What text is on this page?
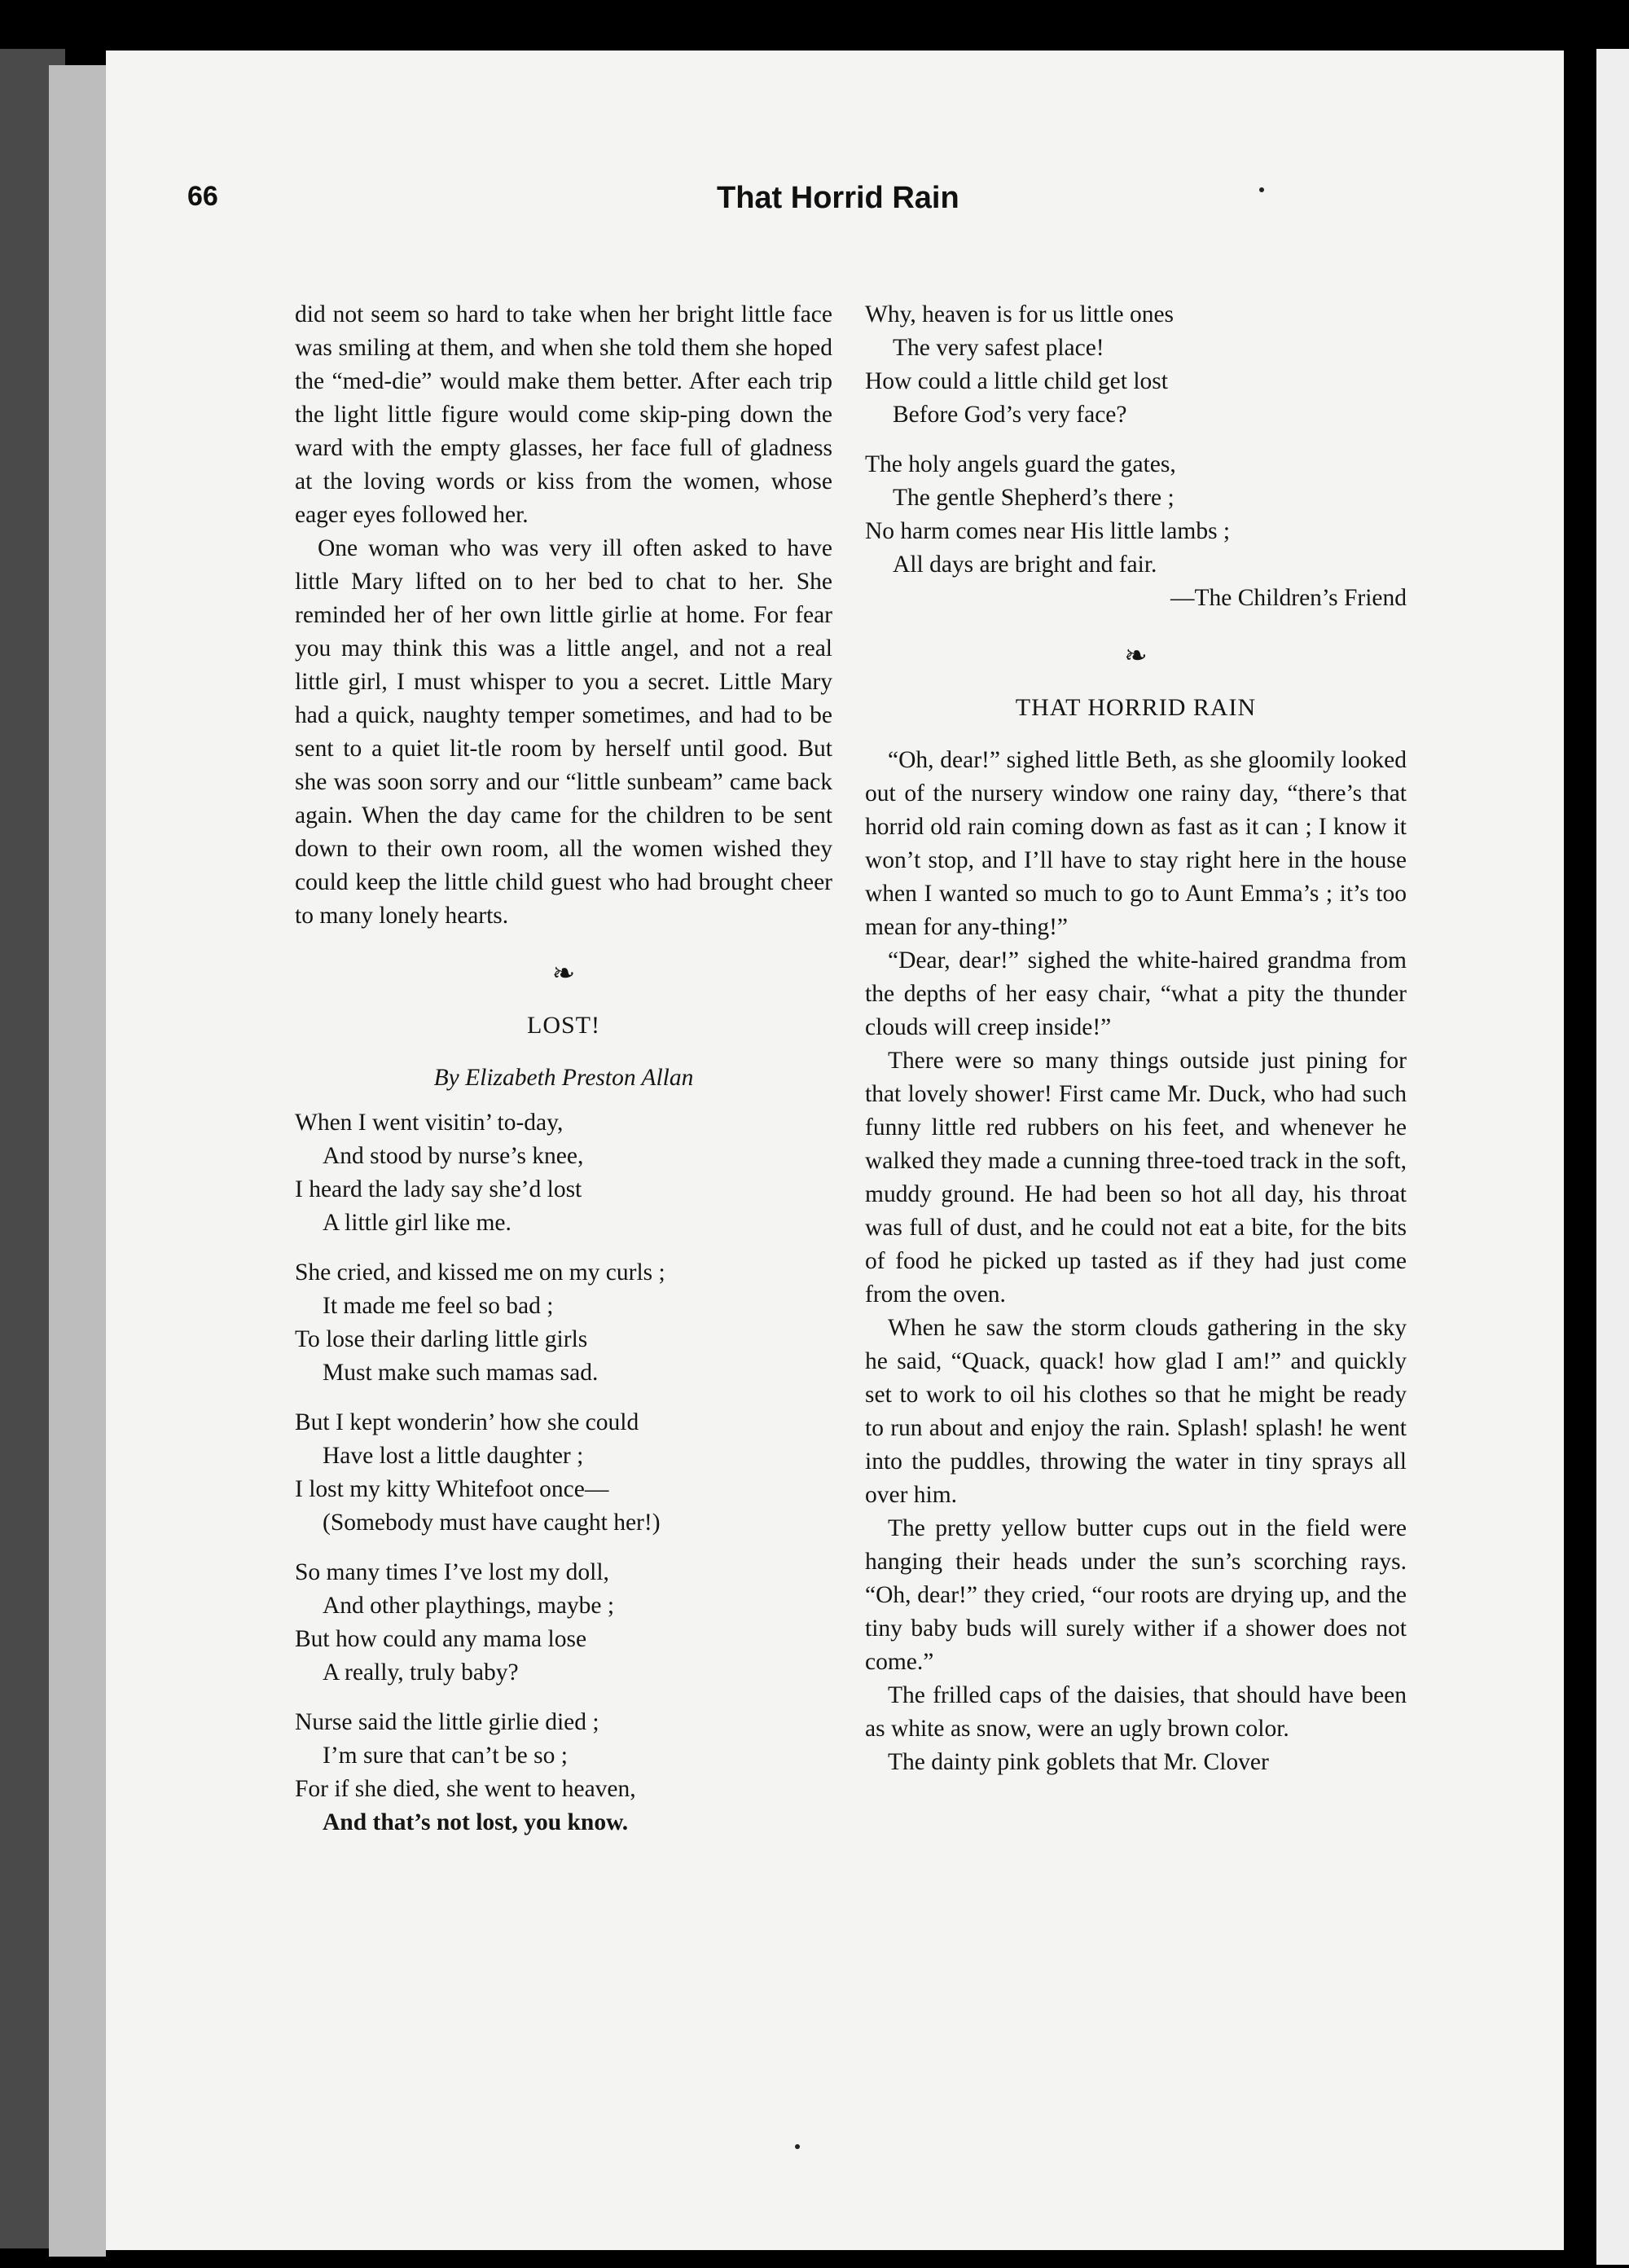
66	That Horrid Rain

did not seem so hard to take when her bright little face was smiling at them, and when she told them she hoped the “med-die” would make them better. After each trip the light little figure would come skip-ping down the ward with the empty glasses, her face full of gladness at the loving words or kiss from the women, whose eager eyes followed her.

One woman who was very ill often asked to have little Mary lifted on to her bed to chat to her. She reminded her of her own little girlie at home. For fear you may think this was a little angel, and not a real little girl, I must whisper to you a secret. Little Mary had a quick, naughty temper sometimes, and had to be sent to a quiet lit-tle room by herself until good. But she was soon sorry and our “little sunbeam” came back again. When the day came for the children to be sent down to their own room, all the women wished they could keep the little child guest who had brought cheer to many lonely hearts.

❧
LOST!
By Elizabeth Preston Allan
When I went visitin’ to-day,
And stood by nurse’s knee,
I heard the lady say she’d lost
A little girl like me.
She cried, and kissed me on my curls ;
It made me feel so bad ;
To lose their darling little girls
Must make such mamas sad.
But I kept wonderin’ how she could
Have lost a little daughter ;
I lost my kitty Whitefoot once—
(Somebody must have caught her!)
So many times I’ve lost my doll,
And other playthings, maybe ;
But how could any mama lose
A really, truly baby?
Nurse said the little girlie died ;
I’m sure that can’t be so ;
For if she died, she went to heaven,
And that’s not lost, you know.
Why, heaven is for us little ones
The very safest place!
How could a little child get lost
Before God’s very face?
The holy angels guard the gates,
The gentle Shepherd’s there ;
No harm comes near His little lambs ;
All days are bright and fair.

—The Children’s Friend

❧
THAT HORRID RAIN

“Oh, dear!” sighed little Beth, as she gloomily looked out of the nursery window one rainy day, “there’s that horrid old rain coming down as fast as it can ; I know it won’t stop, and I’ll have to stay right here in the house when I wanted so much to go to Aunt Emma’s ; it’s too mean for any-thing!”

“Dear, dear!” sighed the white-haired grandma from the depths of her easy chair, “what a pity the thunder clouds will creep inside!”

There were so many things outside just pining for that lovely shower! First came Mr. Duck, who had such funny little red rubbers on his feet, and whenever he walked they made a cunning three-toed track in the soft, muddy ground. He had been so hot all day, his throat was full of dust, and he could not eat a bite, for the bits of food he picked up tasted as if they had just come from the oven.

When he saw the storm clouds gathering in the sky he said, “Quack, quack! how glad I am!” and quickly set to work to oil his clothes so that he might be ready to run about and enjoy the rain. Splash! splash! he went into the puddles, throwing the water in tiny sprays all over him.

The pretty yellow butter cups out in the field were hanging their heads under the sun’s scorching rays. “Oh, dear!” they cried, “our roots are drying up, and the tiny baby buds will surely wither if a shower does not come.”

The frilled caps of the daisies, that should have been as white as snow, were an ugly brown color.

The dainty pink goblets that Mr. Clover
